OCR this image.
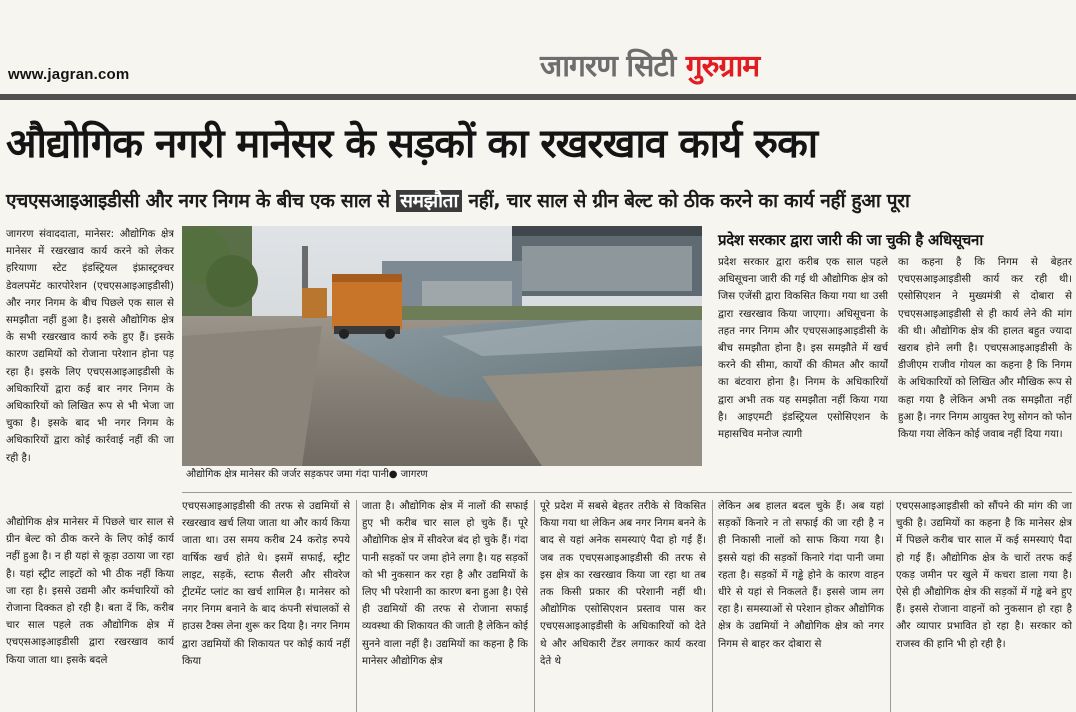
www.jagran.com	जागरण सिटी गुरुग्राम
औद्योगिक नगरी मानेसर के सड़कों का रखरखाव कार्य रुका
एचएसआइआइडीसी और नगर निगम के बीच एक साल से समझौता नहीं, चार साल से ग्रीन बेल्ट को ठीक करने का कार्य नहीं हुआ पूरा

जागरण संवाददाता, मानेसर: औद्योगिक क्षेत्र मानेसर में रखरखाव कार्य करने को लेकर हरियाणा स्टेट इंडस्ट्रियल इंफ्रास्ट्रक्चर डेवलपमेंट कारपोरेशन (एचएसआइआइडीसी) और नगर निगम के बीच पिछले एक साल से समझौता नहीं हुआ है। इससे औद्योगिक क्षेत्र के सभी रखरखाव कार्य रुके हुए हैं। इसके कारण उद्यमियों को रोजाना परेशान होना पड़ रहा है। इसके लिए एचएसआइआइडीसी के अधिकारियों द्वारा कई बार नगर निगम के अधिकारियों को लिखित रूप से भी भेजा जा चुका है। इसके बाद भी नगर निगम के अधिकारियों द्वारा कोई कार्रवाई नहीं की जा रही है।

औद्योगिक क्षेत्र मानेसर में पिछले चार साल से ग्रीन बेल्ट को ठीक करने के लिए कोई कार्य नहीं हुआ है। न ही यहां से कूड़ा उठाया जा रहा है। यहां स्ट्रीट लाइटों को भी ठीक नहीं किया जा रहा है। इससे उद्यमी और कर्मचारियों को रोजाना दिक्कत हो रही है। बता दें कि, करीब चार साल पहले तक औद्योगिक क्षेत्र में एचएसआइआइडीसी द्वारा रखरखाव कार्य किया जाता था। इसके बदले

औद्योगिक क्षेत्र मानेसर की जर्जर सड़कपर जमा गंदा पानी● जागरण
प्रदेश सरकार द्वारा जारी की जा चुकी है अधिसूचना

प्रदेश सरकार द्वारा करीब एक साल पहले अधिसूचना जारी की गई थी औद्योगिक क्षेत्र को जिस एजेंसी द्वारा विकसित किया गया था उसी द्वारा रखरखाव किया जाएगा। अधिसूचना के तहत नगर निगम और एचएसआइआइडीसी के बीच समझौता होना है। इस समझौते में खर्च करने की सीमा, कार्यों की कीमत और कार्यों का बंटवारा होना है। निगम के अधिकारियों द्वारा अभी तक यह समझौता नहीं किया गया है। आइएमटी इंडस्ट्रियल एसोसिएशन के महासचिव मनोज त्यागी

का कहना है कि निगम से बेहतर एचएसआइआइडीसी कार्य कर रही थी। एसोसिएशन ने मुख्यमंत्री से दोबारा से एचएसआइआइडीसी से ही कार्य लेने की मांग की थी। औद्योगिक क्षेत्र की हालत बहुत ज्यादा खराब होने लगी है। एचएसआइआइडीसी के डीजीएम राजीव गोयल का कहना है कि निगम के अधिकारियों को लिखित और मौखिक रूप से कहा गया है लेकिन अभी तक समझौता नहीं हुआ है। नगर निगम आयुक्त रेणु सोगन को फोन किया गया लेकिन कोई जवाब नहीं दिया गया।

एचएसआइआइडीसी की तरफ से उद्यमियों से रखरखाव खर्च लिया जाता था और कार्य किया जाता था। उस समय करीब 24 करोड़ रुपये वार्षिक खर्च होते थे। इसमें सफाई, स्ट्रीट लाइट, सड़कें, स्टाफ सैलरी और सीवरेज ट्रीटमेंट प्लांट का खर्च शामिल है। मानेसर को नगर निगम बनाने के बाद कंपनी संचालकों से हाउस टैक्स लेना शुरू कर दिया है। नगर निगम द्वारा उद्यमियों की शिकायत पर कोई कार्य नहीं किया

जाता है। औद्योगिक क्षेत्र में नालों की सफाई हुए भी करीब चार साल हो चुके हैं। पूरे औद्योगिक क्षेत्र में सीवरेज बंद हो चुके हैं। गंदा पानी सड़कों पर जमा होने लगा है। यह सड़कों को भी नुकसान कर रहा है और उद्यमियों के लिए भी परेशानी का कारण बना हुआ है। ऐसे ही उद्यमियों की तरफ से रोजाना सफाई व्यवस्था की शिकायत की जाती है लेकिन कोई सुनने वाला नहीं है। उद्यमियों का कहना है कि मानेसर औद्योगिक क्षेत्र

पूरे प्रदेश में सबसे बेहतर तरीके से विकसित किया गया था लेकिन अब नगर निगम बनने के बाद से यहां अनेक समस्याएं पैदा हो गई हैं। जब तक एचएसआइआइडीसी की तरफ से इस क्षेत्र का रखरखाव किया जा रहा था तब तक किसी प्रकार की परेशानी नहीं थी। औद्योगिक एसोसिएशन प्रस्ताव पास कर एचएसआइआइडीसी के अधिकारियों को देते थे और अधिकारी टेंडर लगाकर कार्य करवा देते थे

लेकिन अब हालत बदल चुके हैं। अब यहां सड़कों किनारे न तो सफाई की जा रही है न ही निकासी नालों को साफ किया गया है। इससे यहां की सड़कों किनारे गंदा पानी जमा रहता है। सड़कों में गड्ढे होने के कारण वाहन धीरे से यहां से निकलते हैं। इससे जाम लग रहा है। समस्याओं से परेशान होकर औद्योगिक क्षेत्र के उद्यमियों ने औद्योगिक क्षेत्र को नगर निगम से बाहर कर दोबारा से

एचएसआइआइडीसी को सौंपने की मांग की जा चुकी है। उद्यमियों का कहना है कि मानेसर क्षेत्र में पिछले करीब चार साल में कई समस्याएं पैदा हो गई हैं। औद्योगिक क्षेत्र के चारों तरफ कई एकड़ जमीन पर खुले में कचरा डाला गया है। ऐसे ही औद्योगिक क्षेत्र की सड़कों में गड्ढे बने हुए हैं। इससे रोजाना वाहनों को नुकसान हो रहा है और व्यापार प्रभावित हो रहा है। सरकार को राजस्व की हानि भी हो रही है।
